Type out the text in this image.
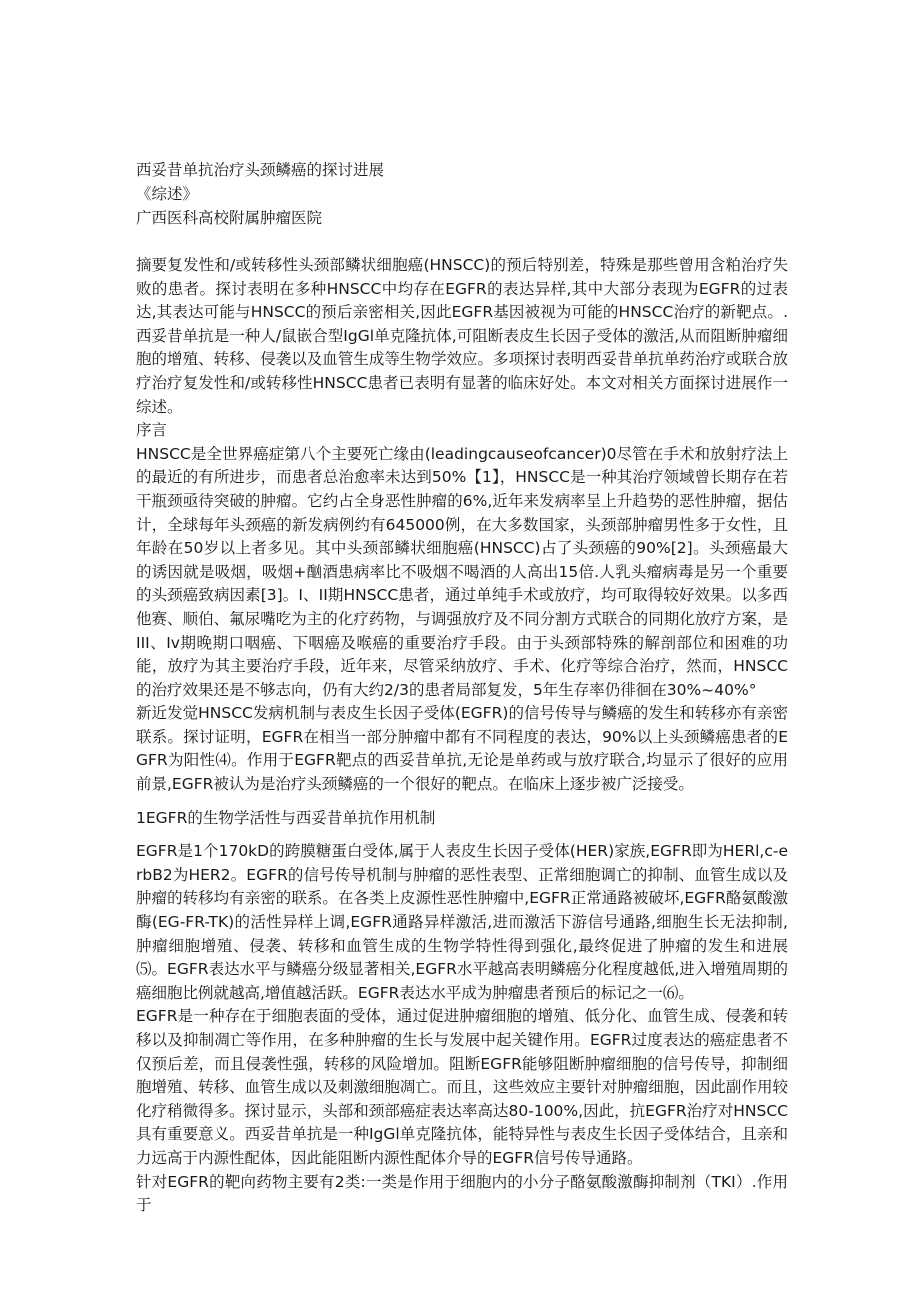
西妥昔单抗治疗头颈鳞癌的探讨进展
《综述》
广西医科高校附属肿瘤医院

摘要复发性和/或转移性头颈部鳞状细胞癌(HNSCC)的预后特别差，特殊是那些曾用含粕治疗失败的患者。探讨表明在多种HNSCC中均存在EGFR的表达异样,其中大部分表现为EGFR的过表达,其表达可能与HNSCC的预后亲密相关,因此EGFR基因被视为可能的HNSCC治疗的新靶点。.西妥昔单抗是一种人/鼠嵌合型IgGl单克隆抗体,可阻断表皮生长因子受体的激活,从而阻断肿瘤细胞的增殖、转移、侵袭以及血管生成等生物学效应。多项探讨表明西妥昔单抗单药治疗或联合放疗治疗复发性和/或转移性HNSCC患者已表明有显著的临床好处。本文对相关方面探讨进展作一综述。

序言

HNSCC是全世界癌症第八个主要死亡缘由(leadingcauseofcancer)0尽管在手术和放射疗法上的最近的有所进步，而患者总治愈率未达到50%【1】，HNSCC是一种其治疗领域曾长期存在若干瓶颈亟待突破的肿瘤。它约占全身恶性肿瘤的6%,近年来发病率呈上升趋势的恶性肿瘤，据估计，全球每年头颈癌的新发病例约有645000例，在大多数国家，头颈部肿瘤男性多于女性，且年龄在50岁以上者多见。其中头颈部鳞状细胞癌(HNSCC)占了头颈癌的90%[2]。头颈癌最大的诱因就是吸烟，吸烟+酗酒患病率比不吸烟不喝酒的人高出15倍.人乳头瘤病毒是另一个重要的头颈癌致病因素[3]。I、II期HNSCC患者，通过单纯手术或放疗，均可取得较好效果。以多西他赛、顺伯、氟尿嘴吃为主的化疗药物，与调强放疗及不同分割方式联合的同期化放疗方案，是III、Iv期晚期口咽癌、下咽癌及喉癌的重要治疗手段。由于头颈部特殊的解剖部位和困难的功能，放疗为其主要治疗手段，近年来，尽管采纳放疗、手术、化疗等综合治疗，然而，HNSCC的治疗效果还是不够志向，仍有大约2/3的患者局部复发，5年生存率仍徘徊在30%~40%°

新近发觉HNSCC发病机制与表皮生长因子受体(EGFR)的信号传导与鳞癌的发生和转移亦有亲密联系。探讨证明，EGFR在相当一部分肿瘤中都有不同程度的表达，90%以上头颈鳞癌患者的EGFR为阳性⑷。作用于EGFR靶点的西妥昔单抗,无论是单药或与放疗联合,均显示了很好的应用前景,EGFR被认为是治疗头颈鳞癌的一个很好的靶点。在临床上逐步被广泛接受。

1EGFR的生物学活性与西妥昔单抗作用机制

EGFR是1个170kD的跨膜糖蛋白受体,属于人表皮生长因子受体(HER)家族,EGFR即为HERl,c-erbB2为HER2。EGFR的信号传导机制与肿瘤的恶性表型、正常细胞调亡的抑制、血管生成以及肿瘤的转移均有亲密的联系。在各类上皮源性恶性肿瘤中,EGFR正常通路被破坏,EGFR酪氨酸激酶(EG-FR-TK)的活性异样上调,EGFR通路异样激活,进而激活下游信号通路,细胞生长无法抑制,肿瘤细胞增殖、侵袭、转移和血管生成的生物学特性得到强化,最终促进了肿瘤的发生和进展⑸。EGFR表达水平与鳞癌分级显著相关,EGFR水平越高表明鳞癌分化程度越低,进入增殖周期的癌细胞比例就越高,增值越活跃。EGFR表达水平成为肿瘤患者预后的标记之一⑹。

EGFR是一种存在于细胞表面的受体，通过促进肿瘤细胞的增殖、低分化、血管生成、侵袭和转移以及抑制凋亡等作用，在多种肿瘤的生长与发展中起关键作用。EGFR过度表达的癌症患者不仅预后差，而且侵袭性强，转移的风险增加。阻断EGFR能够阻断肿瘤细胞的信号传导，抑制细胞增殖、转移、血管生成以及刺激细胞凋亡。而且，这些效应主要针对肿瘤细胞，因此副作用较化疗稍微得多。探讨显示，头部和颈部癌症表达率高达80-100%,因此，抗EGFR治疗对HNSCC具有重要意义。西妥昔单抗是一种IgGl单克隆抗体，能特异性与表皮生长因子受体结合，且亲和力远高于内源性配体，因此能阻断内源性配体介导的EGFR信号传导通路。

针对EGFR的靶向药物主要有2类:一类是作用于细胞内的小分子酪氨酸激酶抑制剂（TKI）.作用于
